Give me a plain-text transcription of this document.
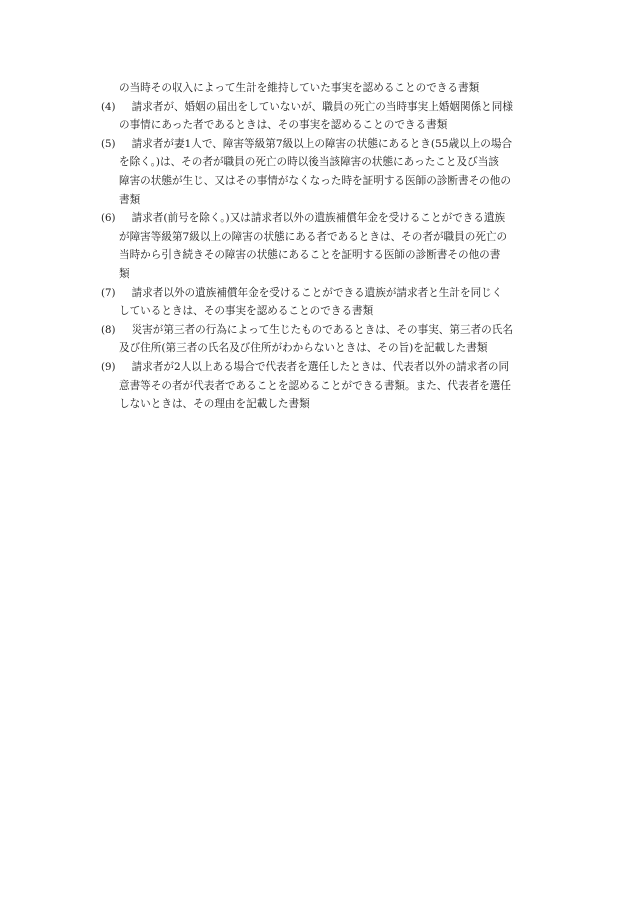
の当時その収入によって生計を維持していた事実を認めることのできる書類
(4)　請求者が、婚姻の届出をしていないが、職員の死亡の当時事実上婚姻関係と同様
の事情にあった者であるときは、その事実を認めることのできる書類
(5)　請求者が妻1人で、障害等級第7級以上の障害の状態にあるとき(55歳以上の場合
を除く。)は、その者が職員の死亡の時以後当該障害の状態にあったこと及び当該
障害の状態が生じ、又はその事情がなくなった時を証明する医師の診断書その他の
書類
(6)　請求者(前号を除く。)又は請求者以外の遺族補償年金を受けることができる遺族
が障害等級第7級以上の障害の状態にある者であるときは、その者が職員の死亡の
当時から引き続きその障害の状態にあることを証明する医師の診断書その他の書
類
(7)　請求者以外の遺族補償年金を受けることができる遺族が請求者と生計を同じく
しているときは、その事実を認めることのできる書類
(8)　災害が第三者の行為によって生じたものであるときは、その事実、第三者の氏名
及び住所(第三者の氏名及び住所がわからないときは、その旨)を記載した書類
(9)　請求者が2人以上ある場合で代表者を選任したときは、代表者以外の請求者の同
意書等その者が代表者であることを認めることができる書類。また、代表者を選任
しないときは、その理由を記載した書類
